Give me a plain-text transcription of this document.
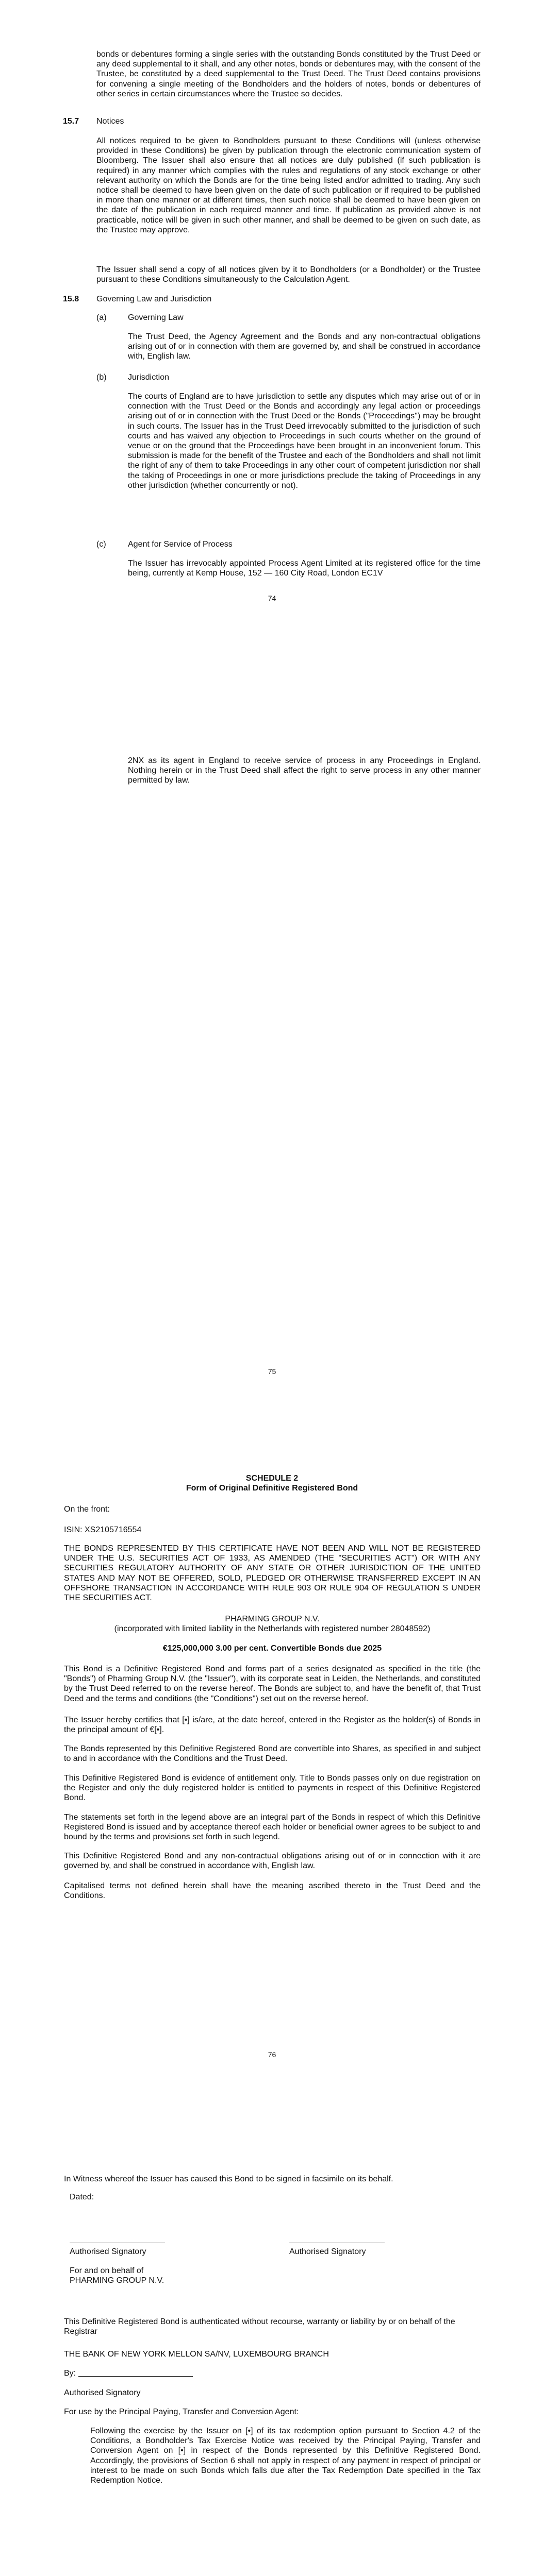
bonds or debentures forming a single series with the outstanding Bonds constituted by the Trust Deed or any deed supplemental to it shall, and any other notes, bonds or debentures may, with the consent of the Trustee, be constituted by a deed supplemental to the Trust Deed. The Trust Deed contains provisions for convening a single meeting of the Bondholders and the holders of notes, bonds or debentures of other series in certain circumstances where the Trustee so decides.
15.7 Notices
All notices required to be given to Bondholders pursuant to these Conditions will (unless otherwise provided in these Conditions) be given by publication through the electronic communication system of Bloomberg. The Issuer shall also ensure that all notices are duly published (if such publication is required) in any manner which complies with the rules and regulations of any stock exchange or other relevant authority on which the Bonds are for the time being listed and/or admitted to trading. Any such notice shall be deemed to have been given on the date of such publication or if required to be published in more than one manner or at different times, then such notice shall be deemed to have been given on the date of the publication in each required manner and time. If publication as provided above is not practicable, notice will be given in such other manner, and shall be deemed to be given on such date, as the Trustee may approve.
The Issuer shall send a copy of all notices given by it to Bondholders (or a Bondholder) or the Trustee pursuant to these Conditions simultaneously to the Calculation Agent.
15.8 Governing Law and Jurisdiction
(a)	Governing Law
The Trust Deed, the Agency Agreement and the Bonds and any non-contractual obligations arising out of or in connection with them are governed by, and shall be construed in accordance with, English law.
(b)	Jurisdiction
The courts of England are to have jurisdiction to settle any disputes which may arise out of or in connection with the Trust Deed or the Bonds and accordingly any legal action or proceedings arising out of or in connection with the Trust Deed or the Bonds ("Proceedings") may be brought in such courts. The Issuer has in the Trust Deed irrevocably submitted to the jurisdiction of such courts and has waived any objection to Proceedings in such courts whether on the ground of venue or on the ground that the Proceedings have been brought in an inconvenient forum. This submission is made for the benefit of the Trustee and each of the Bondholders and shall not limit the right of any of them to take Proceedings in any other court of competent jurisdiction nor shall the taking of Proceedings in one or more jurisdictions preclude the taking of Proceedings in any other jurisdiction (whether concurrently or not).
(c)	Agent for Service of Process
The Issuer has irrevocably appointed Process Agent Limited at its registered office for the time being, currently at Kemp House, 152 — 160 City Road, London EC1V
74
2NX as its agent in England to receive service of process in any Proceedings in England. Nothing herein or in the Trust Deed shall affect the right to serve process in any other manner permitted by law.
75
SCHEDULE 2
Form of Original Definitive Registered Bond
On the front:
ISIN: XS2105716554
THE BONDS REPRESENTED BY THIS CERTIFICATE HAVE NOT BEEN AND WILL NOT BE REGISTERED UNDER THE U.S. SECURITIES ACT OF 1933, AS AMENDED (THE "SECURITIES ACT") OR WITH ANY SECURITIES REGULATORY AUTHORITY OF ANY STATE OR OTHER JURISDICTION OF THE UNITED STATES AND MAY NOT BE OFFERED, SOLD, PLEDGED OR OTHERWISE TRANSFERRED EXCEPT IN AN OFFSHORE TRANSACTION IN ACCORDANCE WITH RULE 903 OR RULE 904 OF REGULATION S UNDER THE SECURITIES ACT.
PHARMING GROUP N.V.
(incorporated with limited liability in the Netherlands with registered number 28048592)
€125,000,000 3.00 per cent. Convertible Bonds due 2025
This Bond is a Definitive Registered Bond and forms part of a series designated as specified in the title (the "Bonds") of Pharming Group N.V. (the "Issuer"), with its corporate seat in Leiden, the Netherlands, and constituted by the Trust Deed referred to on the reverse hereof. The Bonds are subject to, and have the benefit of, that Trust Deed and the terms and conditions (the "Conditions") set out on the reverse hereof.
The Issuer hereby certifies that [•] is/are, at the date hereof, entered in the Register as the holder(s) of Bonds in the principal amount of €[•].
The Bonds represented by this Definitive Registered Bond are convertible into Shares, as specified in and subject to and in accordance with the Conditions and the Trust Deed.
This Definitive Registered Bond is evidence of entitlement only. Title to Bonds passes only on due registration on the Register and only the duly registered holder is entitled to payments in respect of this Definitive Registered Bond.
The statements set forth in the legend above are an integral part of the Bonds in respect of which this Definitive Registered Bond is issued and by acceptance thereof each holder or beneficial owner agrees to be subject to and bound by the terms and provisions set forth in such legend.
This Definitive Registered Bond and any non-contractual obligations arising out of or in connection with it are governed by, and shall be construed in accordance with, English law.
Capitalised terms not defined herein shall have the meaning ascribed thereto in the Trust Deed and the Conditions.
76
In Witness whereof the Issuer has caused this Bond to be signed in facsimile on its behalf.
Dated:
Authorised Signatory	Authorised Signatory
For and on behalf of
PHARMING GROUP N.V.
This Definitive Registered Bond is authenticated without recourse, warranty or liability by or on behalf of the Registrar
THE BANK OF NEW YORK MELLON SA/NV, LUXEMBOURG BRANCH
By:
Authorised Signatory
For use by the Principal Paying, Transfer and Conversion Agent:
Following the exercise by the Issuer on [•] of its tax redemption option pursuant to Section 4.2 of the Conditions, a Bondholder's Tax Exercise Notice was received by the Principal Paying, Transfer and Conversion Agent on [•] in respect of the Bonds represented by this Definitive Registered Bond. Accordingly, the provisions of Section 6 shall not apply in respect of any payment in respect of principal or interest to be made on such Bonds which falls due after the Tax Redemption Date specified in the Tax Redemption Notice.
